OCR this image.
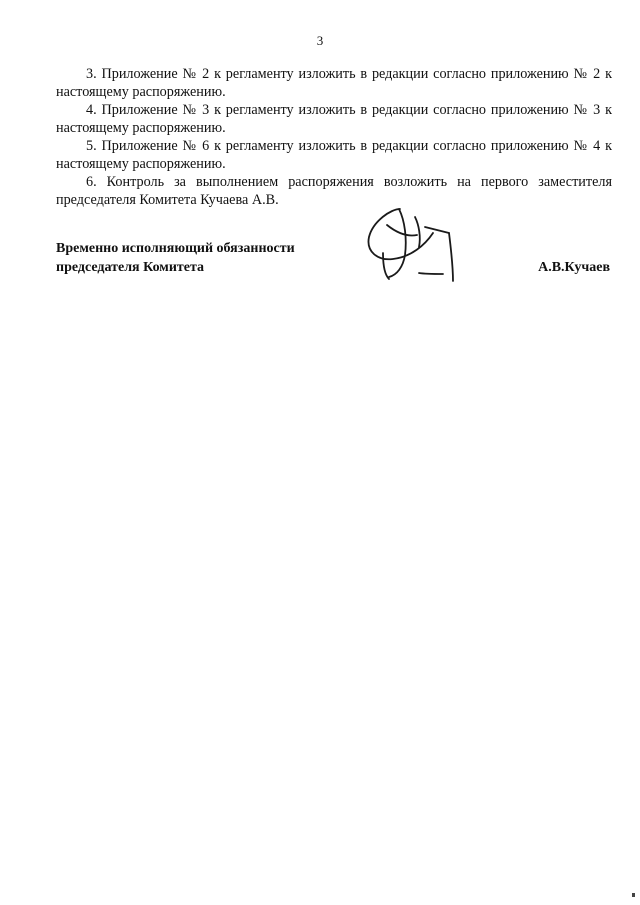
3

3. Приложение № 2 к регламенту изложить в редакции согласно приложению № 2 к настоящему распоряжению.

4. Приложение № 3 к регламенту изложить в редакции согласно приложению № 3 к настоящему распоряжению.

5. Приложение № 6 к регламенту изложить в редакции согласно приложению № 4 к настоящему распоряжению.

6. Контроль за выполнением распоряжения возложить на первого заместителя председателя Комитета Кучаева А.В.

Временно исполняющий обязанности
председателя Комитета	А.В.Кучаев
